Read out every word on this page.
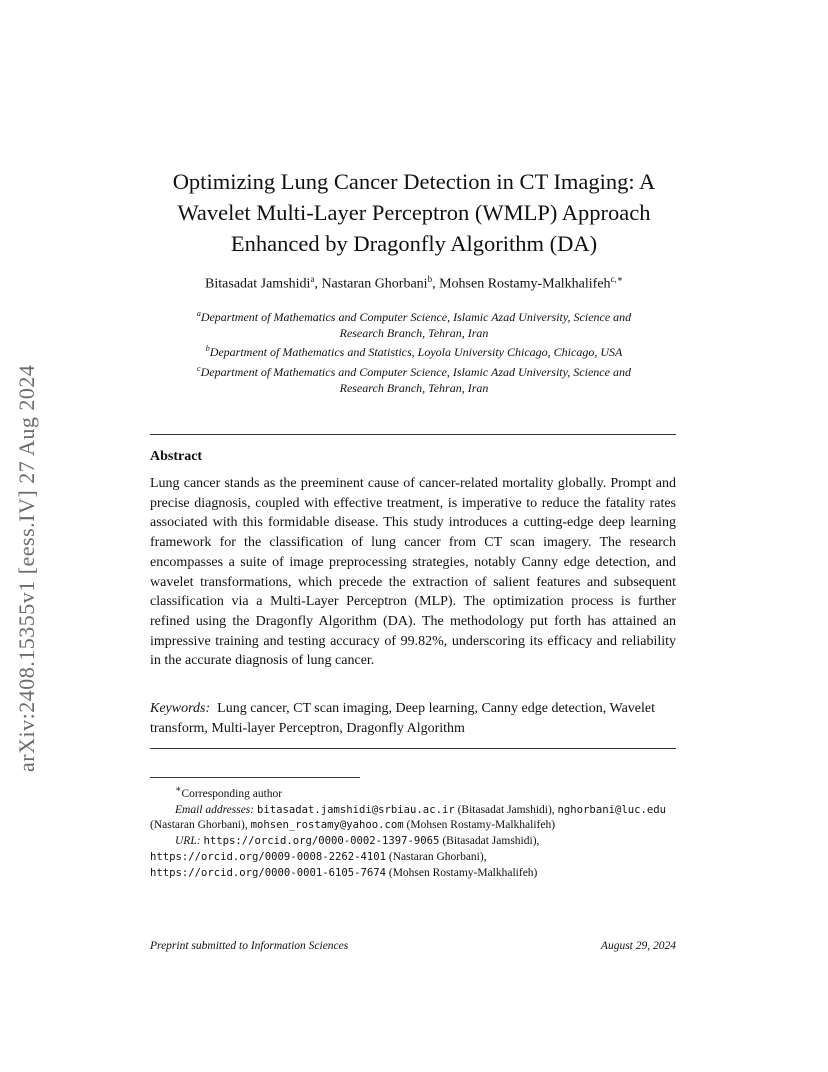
arXiv:2408.15355v1 [eess.IV] 27 Aug 2024
Optimizing Lung Cancer Detection in CT Imaging: A
Wavelet Multi-Layer Perceptron (WMLP) Approach
Enhanced by Dragonfly Algorithm (DA)
Bitasadat Jamshidi$^a$, Nastaran Ghorbani$^b$, Mohsen Rostamy-Malkhalifeh$^{c,∗}$
$^a$Department of Mathematics and Computer Science, Islamic Azad University, Science and
Research Branch, Tehran, Iran
$^b$Department of Mathematics and Statistics, Loyola University Chicago, Chicago, USA
$^c$Department of Mathematics and Computer Science, Islamic Azad University, Science and
Research Branch, Tehran, Iran
Abstract
Lung cancer stands as the preeminent cause of cancer-related mortality globally. Prompt and precise diagnosis, coupled with effective treatment, is imperative to reduce the fatality rates associated with this formidable disease. This study introduces a cutting-edge deep learning framework for the classification of lung cancer from CT scan imagery. The research encompasses a suite of image preprocessing strategies, notably Canny edge detection, and wavelet transformations, which precede the extraction of salient features and subsequent classification via a Multi-Layer Perceptron (MLP). The optimization process is further refined using the Dragonfly Algorithm (DA). The methodology put forth has attained an impressive training and testing accuracy of 99.82%, underscoring its efficacy and reliability in the accurate diagnosis of lung cancer.
Keywords: Lung cancer, CT scan imaging, Deep learning, Canny edge detection, Wavelet transform, Multi-layer Perceptron, Dragonfly Algorithm
∗Corresponding author
Email addresses: bitasadat.jamshidi@srbiau.ac.ir (Bitasadat Jamshidi), nghorbani@luc.edu (Nastaran Ghorbani), mohsen_rostamy@yahoo.com (Mohsen Rostamy-Malkhalifeh)
URL: https://orcid.org/0000-0002-1397-9065 (Bitasadat Jamshidi),
https://orcid.org/0009-0008-2262-4101 (Nastaran Ghorbani),
https://orcid.org/0000-0001-6105-7674 (Mohsen Rostamy-Malkhalifeh)
Preprint submitted to Information Sciences	August 29, 2024
